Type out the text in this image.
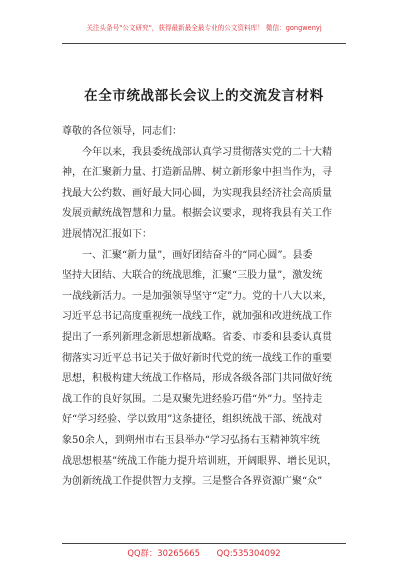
关注头条号"公文研究"，获得最新最全最专业的公文资料库！ 微信：gongwenyj
在全市统战部长会议上的交流发言材料
尊敬的各位领导，同志们：
　　今年以来，我县委统战部认真学习贯彻落实党的二十大精
神，在汇聚新力量、打造新品牌、树立新形象中担当作为，寻
找最大公约数、画好最大同心圆，为实现我县经济社会高质量
发展贡献统战智慧和力量。根据会议要求，现将我县有关工作
进展情况汇报如下：
　　一、汇聚“新力量”，画好团结奋斗的“同心圆”。县委
坚持大团结、大联合的统战思维，汇聚“三股力量”，激发统
一战线新活力。一是加强领导坚守“定”力。党的十八大以来，
习近平总书记高度重视统一战线工作，就加强和改进统战工作
提出了一系列新理念新思想新战略。省委、市委和县委认真贯
彻落实习近平总书记关于做好新时代党的统一战线工作的重要
思想，积极构建大统战工作格局，形成各级各部门共同做好统
战工作的良好氛围。二是双聚先进经验巧借“外”力。坚持走
好“学习经验、学以致用”这条捷径，组织统战干部、统战对
象50余人，到朔州市右玉县举办“学习弘扬右玉精神筑牢统
战思想根基”统战工作能力提升培训班，开阔眼界、增长见识，
为创新统战工作提供智力支撑。三是整合各界资源广聚“众”
QQ群：30265665　　QQ:535304092
